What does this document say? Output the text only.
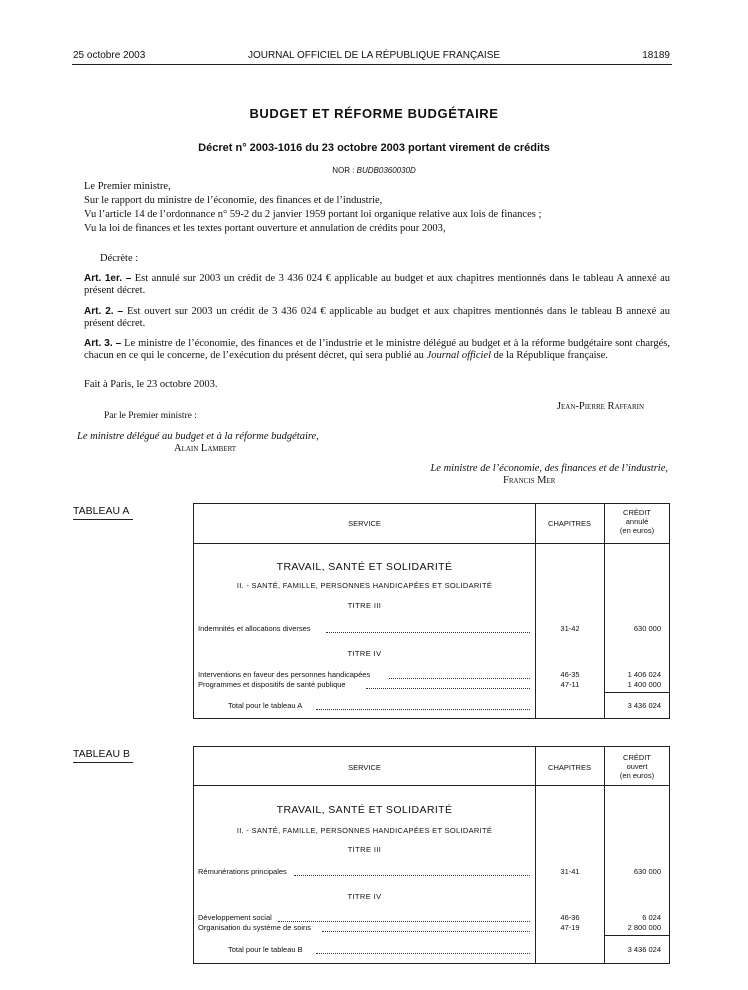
25 octobre 2003	JOURNAL OFFICIEL DE LA RÉPUBLIQUE FRANÇAISE	18189
BUDGET ET RÉFORME BUDGÉTAIRE
Décret n° 2003-1016 du 23 octobre 2003 portant virement de crédits
NOR : BUDB0360030D
Le Premier ministre,
Sur le rapport du ministre de l’économie, des finances et de l’industrie,
Vu l’article 14 de l’ordonnance n° 59-2 du 2 janvier 1959 portant loi organique relative aux lois de finances ;
Vu la loi de finances et les textes portant ouverture et annulation de crédits pour 2003,
Décrète :
Art. 1er. – Est annulé sur 2003 un crédit de 3 436 024 € applicable au budget et aux chapitres mentionnés dans le tableau A annexé au présent décret.
Art. 2. – Est ouvert sur 2003 un crédit de 3 436 024 € applicable au budget et aux chapitres mentionnés dans le tableau B annexé au présent décret.
Art. 3. – Le ministre de l’économie, des finances et de l’industrie et le ministre délégué au budget et à la réforme budgétaire sont chargés, chacun en ce qui le concerne, de l’exécution du présent décret, qui sera publié au Journal officiel de la République française.
Fait à Paris, le 23 octobre 2003.
Jean-Pierre Raffarin
Par le Premier ministre :
Le ministre délégué au budget et à la réforme budgétaire,
Alain Lambert
Le ministre de l’économie, des finances et de l’industrie,
Francis Mer
TABLEAU A
SERVICE	CHAPITRES
CRÉDIT
annulé
(en euros)
TRAVAIL, SANTÉ ET SOLIDARITÉ
II. - SANTÉ, FAMILLE, PERSONNES HANDICAPÉES ET SOLIDARITÉ
TITRE III
Indemnités et allocations diverses	31-42	630 000
TITRE IV
Interventions en faveur des personnes handicapées	46-35	1 406 024
Programmes et dispositifs de santé publique	47-11	1 400 000
Total pour le tableau A	3 436 024
TABLEAU B
SERVICE	CHAPITRES
CRÉDIT
ouvert
(en euros)
TRAVAIL, SANTÉ ET SOLIDARITÉ
II. - SANTÉ, FAMILLE, PERSONNES HANDICAPÉES ET SOLIDARITÉ
TITRE III
Rémunérations principales	31-41	630 000
TITRE IV
Développement social	46-36	6 024
Organisation du système de soins	47-19	2 800 000
Total pour le tableau B	3 436 024
